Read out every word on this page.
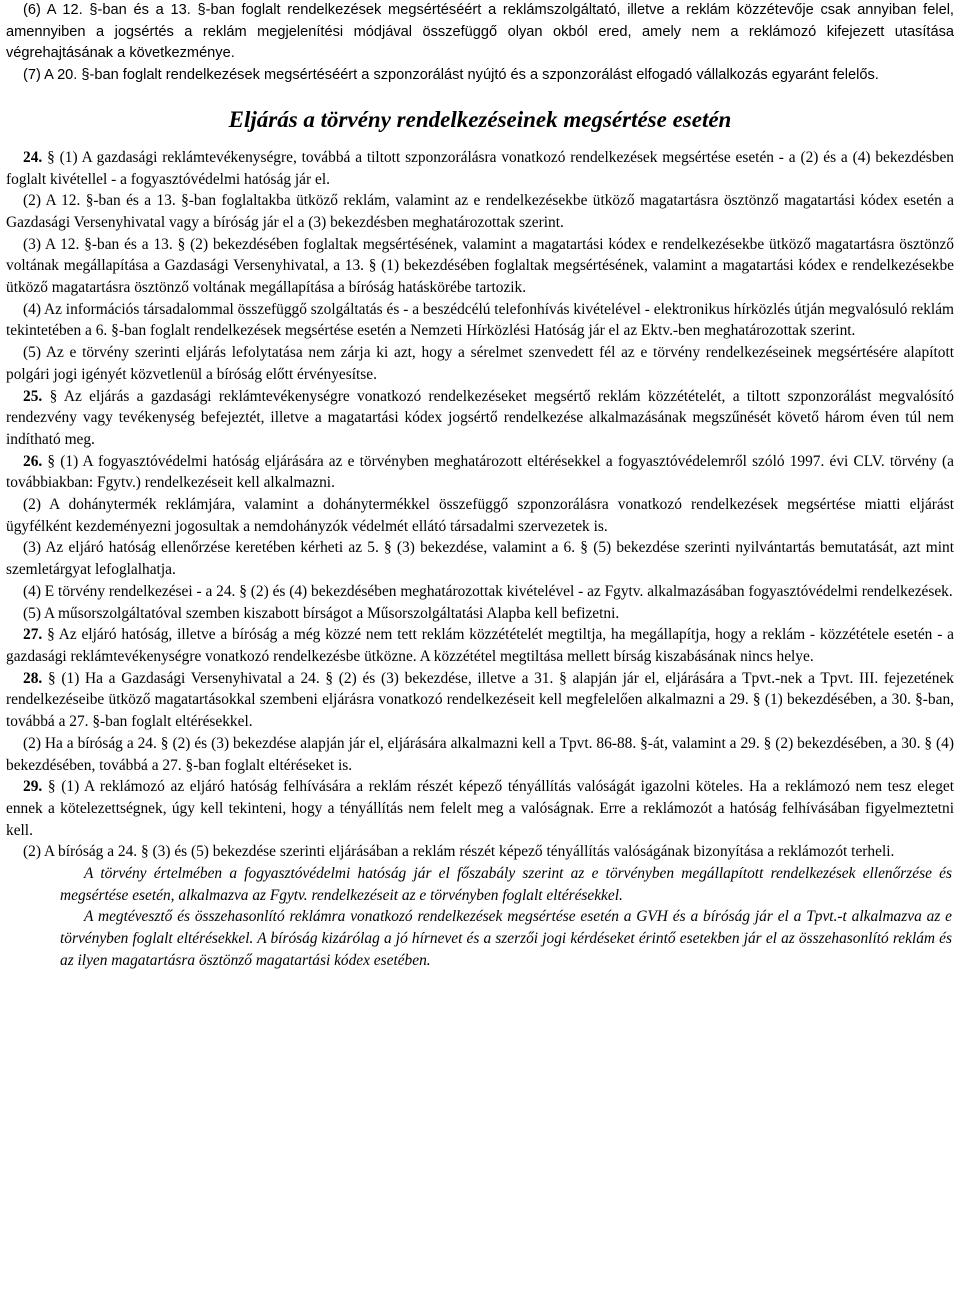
(6) A 12. §-ban és a 13. §-ban foglalt rendelkezések megsértéséért a reklámszolgáltató, illetve a reklám közzétevője csak annyiban felel, amennyiben a jogsértés a reklám megjelenítési módjával összefüggő olyan okból ered, amely nem a reklámozó kifejezett utasítása végrehajtásának a következménye.

(7) A 20. §-ban foglalt rendelkezések megsértéséért a szponzorálást nyújtó és a szponzorálást elfogadó vállalkozás egyaránt felelős.

Eljárás a törvény rendelkezéseinek megsértése esetén

24. § (1) A gazdasági reklámtevékenységre, továbbá a tiltott szponzorálásra vonatkozó rendelkezések megsértése esetén - a (2) és a (4) bekezdésben foglalt kivétellel - a fogyasztóvédelmi hatóság jár el.

(2) A 12. §-ban és a 13. §-ban foglaltakba ütköző reklám, valamint az e rendelkezésekbe ütköző magatartásra ösztönző magatartási kódex esetén a Gazdasági Versenyhivatal vagy a bíróság jár el a (3) bekezdésben meghatározottak szerint.

(3) A 12. §-ban és a 13. § (2) bekezdésében foglaltak megsértésének, valamint a magatartási kódex e rendelkezésekbe ütköző magatartásra ösztönző voltának megállapítása a Gazdasági Versenyhivatal, a 13. § (1) bekezdésében foglaltak megsértésének, valamint a magatartási kódex e rendelkezésekbe ütköző magatartásra ösztönző voltának megállapítása a bíróság hatáskörébe tartozik.

(4) Az információs társadalommal összefüggő szolgáltatás és - a beszédcélú telefonhívás kivételével - elektronikus hírközlés útján megvalósuló reklám tekintetében a 6. §-ban foglalt rendelkezések megsértése esetén a Nemzeti Hírközlési Hatóság jár el az Ektv.-ben meghatározottak szerint.

(5) Az e törvény szerinti eljárás lefolytatása nem zárja ki azt, hogy a sérelmet szenvedett fél az e törvény rendelkezéseinek megsértésére alapított polgári jogi igényét közvetlenül a bíróság előtt érvényesítse.

25. § Az eljárás a gazdasági reklámtevékenységre vonatkozó rendelkezéseket megsértő reklám közzétételét, a tiltott szponzorálást megvalósító rendezvény vagy tevékenység befejeztét, illetve a magatartási kódex jogsértő rendelkezése alkalmazásának megszűnését követő három éven túl nem indítható meg.

26. § (1) A fogyasztóvédelmi hatóság eljárására az e törvényben meghatározott eltérésekkel a fogyasztóvédelemről szóló 1997. évi CLV. törvény (a továbbiakban: Fgytv.) rendelkezéseit kell alkalmazni.

(2) A dohánytermék reklámjára, valamint a dohánytermékkel összefüggő szponzorálásra vonatkozó rendelkezések megsértése miatti eljárást ügyfélként kezdeményezni jogosultak a nemdohányzók védelmét ellátó társadalmi szervezetek is.

(3) Az eljáró hatóság ellenőrzése keretében kérheti az 5. § (3) bekezdése, valamint a 6. § (5) bekezdése szerinti nyilvántartás bemutatását, azt mint szemletárgyat lefoglalhatja.

(4) E törvény rendelkezései - a 24. § (2) és (4) bekezdésében meghatározottak kivételével - az Fgytv. alkalmazásában fogyasztóvédelmi rendelkezések.

(5) A műsorszolgáltatóval szemben kiszabott bírságot a Műsorszolgáltatási Alapba kell befizetni.

27. § Az eljáró hatóság, illetve a bíróság a még közzé nem tett reklám közzétételét megtiltja, ha megállapítja, hogy a reklám - közzététele esetén - a gazdasági reklámtevékenységre vonatkozó rendelkezésbe ütközne. A közzététel megtiltása mellett bírság kiszabásának nincs helye.

28. § (1) Ha a Gazdasági Versenyhivatal a 24. § (2) és (3) bekezdése, illetve a 31. § alapján jár el, eljárására a Tpvt.-nek a Tpvt. III. fejezetének rendelkezéseibe ütköző magatartásokkal szembeni eljárásra vonatkozó rendelkezéseit kell megfelelően alkalmazni a 29. § (1) bekezdésében, a 30. §-ban, továbbá a 27. §-ban foglalt eltérésekkel.

(2) Ha a bíróság a 24. § (2) és (3) bekezdése alapján jár el, eljárására alkalmazni kell a Tpvt. 86-88. §-át, valamint a 29. § (2) bekezdésében, a 30. § (4) bekezdésében, továbbá a 27. §-ban foglalt eltéréseket is.

29. § (1) A reklámozó az eljáró hatóság felhívására a reklám részét képező tényállítás valóságát igazolni köteles. Ha a reklámozó nem tesz eleget ennek a kötelezettségnek, úgy kell tekinteni, hogy a tényállítás nem felelt meg a valóságnak. Erre a reklámozót a hatóság felhívásában figyelmeztetni kell.

(2) A bíróság a 24. § (3) és (5) bekezdése szerinti eljárásában a reklám részét képező tényállítás valóságának bizonyítása a reklámozót terheli.

A törvény értelmében a fogyasztóvédelmi hatóság jár el főszabály szerint az e törvényben megállapított rendelkezések ellenőrzése és megsértése esetén, alkalmazva az Fgytv. rendelkezéseit az e törvényben foglalt eltérésekkel.

A megtévesztő és összehasonlító reklámra vonatkozó rendelkezések megsértése esetén a GVH és a bíróság jár el a Tpvt.-t alkalmazva az e törvényben foglalt eltérésekkel. A bíróság kizárólag a jó hírnevet és a szerzői jogi kérdéseket érintő esetekben jár el az összehasonlító reklám és az ilyen magatartásra ösztönző magatartási kódex esetében.
